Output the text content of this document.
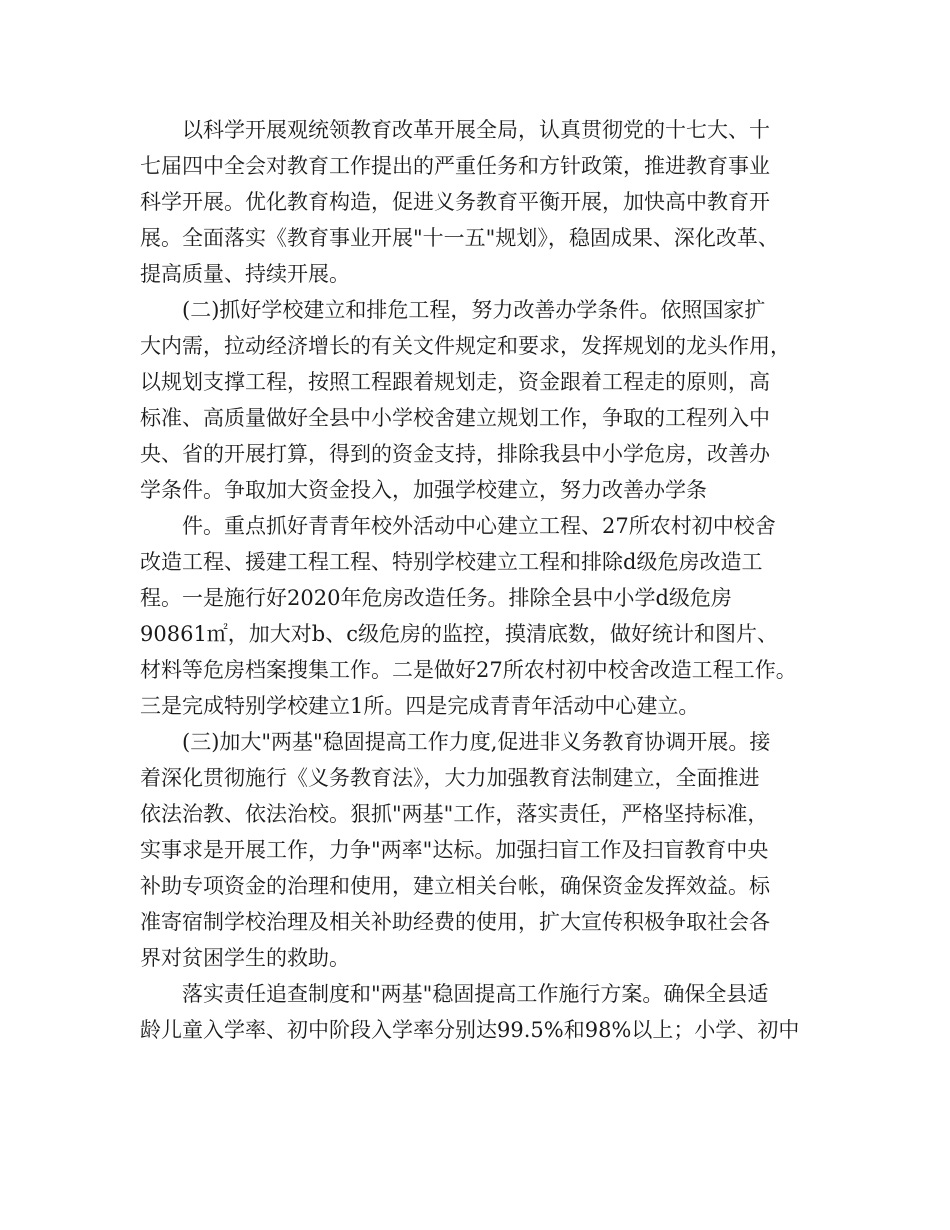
以科学开展观统领教育改革开展全局，认真贯彻党的十七大、十
七届四中全会对教育工作提出的严重任务和方针政策，推进教育事业
科学开展。优化教育构造，促进义务教育平衡开展，加快高中教育开
展。全面落实《教育事业开展"十一五"规划》，稳固成果、深化改革、
提高质量、持续开展。
(二)抓好学校建立和排危工程，努力改善办学条件。依照国家扩
大内需，拉动经济增长的有关文件规定和要求，发挥规划的龙头作用，
以规划支撑工程，按照工程跟着规划走，资金跟着工程走的原则，高
标准、高质量做好全县中小学校舍建立规划工作，争取的工程列入中
央、省的开展打算，得到的资金支持，排除我县中小学危房，改善办
学条件。争取加大资金投入，加强学校建立，努力改善办学条
件。重点抓好青青年校外活动中心建立工程、27所农村初中校舍
改造工程、援建工程工程、特别学校建立工程和排除d级危房改造工
程。一是施行好2020年危房改造任务。排除全县中小学d级危房
90861㎡，加大对b、c级危房的监控，摸清底数，做好统计和图片、
材料等危房档案搜集工作。二是做好27所农村初中校舍改造工程工作。
三是完成特别学校建立1所。四是完成青青年活动中心建立。
(三)加大"两基"稳固提高工作力度,促进非义务教育协调开展。接
着深化贯彻施行《义务教育法》，大力加强教育法制建立，全面推进
依法治教、依法治校。狠抓"两基"工作，落实责任，严格坚持标准，
实事求是开展工作，力争"两率"达标。加强扫盲工作及扫盲教育中央
补助专项资金的治理和使用，建立相关台帐，确保资金发挥效益。标
准寄宿制学校治理及相关补助经费的使用，扩大宣传积极争取社会各
界对贫困学生的救助。
落实责任追查制度和"两基"稳固提高工作施行方案。确保全县适
龄儿童入学率、初中阶段入学率分别达99.5%和98%以上；小学、初中
